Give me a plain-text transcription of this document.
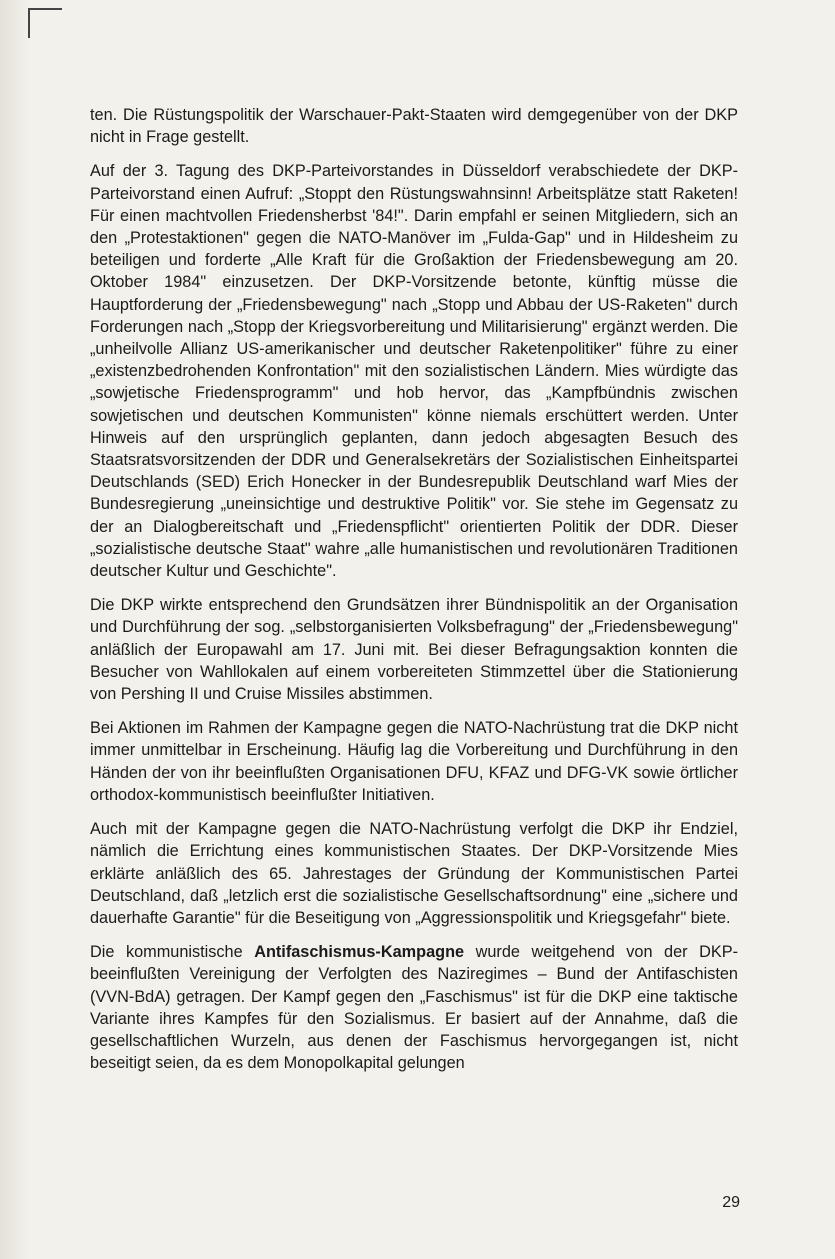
ten. Die Rüstungspolitik der Warschauer-Pakt-Staaten wird demgegenüber von der DKP nicht in Frage gestellt.

Auf der 3. Tagung des DKP-Parteivorstandes in Düsseldorf verabschiedete der DKP-Parteivorstand einen Aufruf: „Stoppt den Rüstungswahnsinn! Arbeitsplätze statt Raketen! Für einen machtvollen Friedensherbst '84!". Darin empfahl er seinen Mitgliedern, sich an den „Protestaktionen" gegen die NATO-Manöver im „Fulda-Gap" und in Hildesheim zu beteiligen und forderte „Alle Kraft für die Großaktion der Friedensbewegung am 20. Oktober 1984" einzusetzen. Der DKP-Vorsitzende betonte, künftig müsse die Hauptforderung der „Friedensbewegung" nach „Stopp und Abbau der US-Raketen" durch Forderungen nach „Stopp der Kriegsvorbereitung und Militarisierung" ergänzt werden. Die „unheilvolle Allianz US-amerikanischer und deutscher Raketenpolitiker" führe zu einer „existenzbedrohenden Konfrontation" mit den sozialistischen Ländern. Mies würdigte das „sowjetische Friedensprogramm" und hob hervor, das „Kampfbündnis zwischen sowjetischen und deutschen Kommunisten" könne niemals erschüttert werden. Unter Hinweis auf den ursprünglich geplanten, dann jedoch abgesagten Besuch des Staatsratsvorsitzenden der DDR und Generalsekretärs der Sozialistischen Einheitspartei Deutschlands (SED) Erich Honecker in der Bundesrepublik Deutschland warf Mies der Bundesregierung „uneinsichtige und destruktive Politik" vor. Sie stehe im Gegensatz zu der an Dialogbereitschaft und „Friedenspflicht" orientierten Politik der DDR. Dieser „sozialistische deutsche Staat" wahre „alle humanistischen und revolutionären Traditionen deutscher Kultur und Geschichte".

Die DKP wirkte entsprechend den Grundsätzen ihrer Bündnispolitik an der Organisation und Durchführung der sog. „selbstorganisierten Volksbefragung" der „Friedensbewegung" anläßlich der Europawahl am 17. Juni mit. Bei dieser Befragungsaktion konnten die Besucher von Wahllokalen auf einem vorbereiteten Stimmzettel über die Stationierung von Pershing II und Cruise Missiles abstimmen.

Bei Aktionen im Rahmen der Kampagne gegen die NATO-Nachrüstung trat die DKP nicht immer unmittelbar in Erscheinung. Häufig lag die Vorbereitung und Durchführung in den Händen der von ihr beeinflußten Organisationen DFU, KFAZ und DFG-VK sowie örtlicher orthodox-kommunistisch beeinflußter Initiativen.

Auch mit der Kampagne gegen die NATO-Nachrüstung verfolgt die DKP ihr Endziel, nämlich die Errichtung eines kommunistischen Staates. Der DKP-Vorsitzende Mies erklärte anläßlich des 65. Jahrestages der Gründung der Kommunistischen Partei Deutschland, daß „letzlich erst die sozialistische Gesellschaftsordnung" eine „sichere und dauerhafte Garantie" für die Beseitigung von „Aggressionspolitik und Kriegsgefahr" biete.

Die kommunistische Antifaschismus-Kampagne wurde weitgehend von der DKP-beeinflußten Vereinigung der Verfolgten des Naziregimes – Bund der Antifaschisten (VVN-BdA) getragen. Der Kampf gegen den „Faschismus" ist für die DKP eine taktische Variante ihres Kampfes für den Sozialismus. Er basiert auf der Annahme, daß die gesellschaftlichen Wurzeln, aus denen der Faschismus hervorgegangen ist, nicht beseitigt seien, da es dem Monopolkapital gelungen

29
